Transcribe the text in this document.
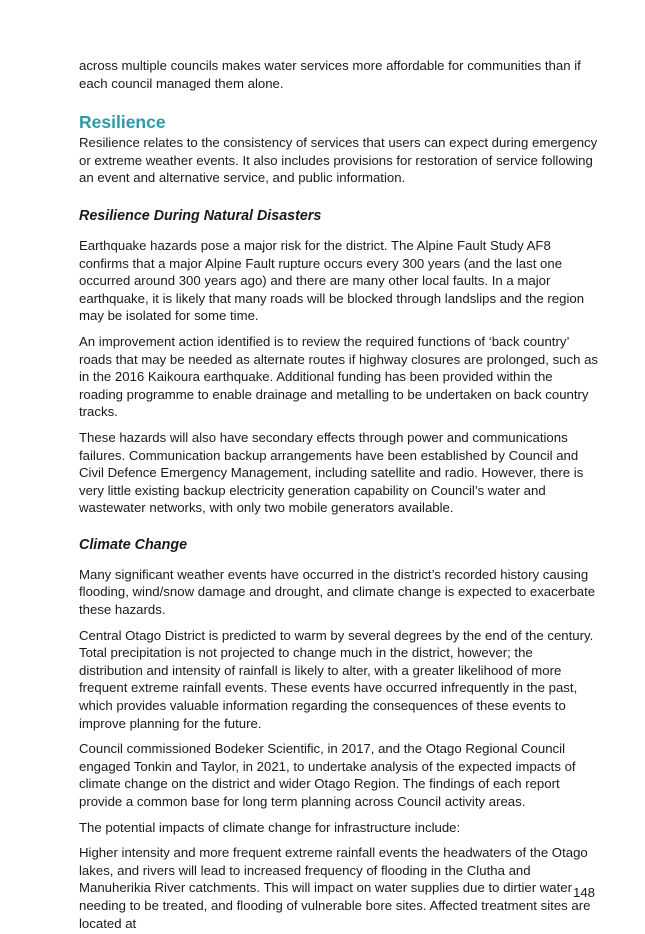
across multiple councils makes water services more affordable for communities than if each council managed them alone.

Resilience

Resilience relates to the consistency of services that users can expect during emergency or extreme weather events. It also includes provisions for restoration of service following an event and alternative service, and public information.

Resilience During Natural Disasters

Earthquake hazards pose a major risk for the district. The Alpine Fault Study AF8 confirms that a major Alpine Fault rupture occurs every 300 years (and the last one occurred around 300 years ago) and there are many other local faults. In a major earthquake, it is likely that many roads will be blocked through landslips and the region may be isolated for some time.

An improvement action identified is to review the required functions of ‘back country’ roads that may be needed as alternate routes if highway closures are prolonged, such as in the 2016 Kaikoura earthquake. Additional funding has been provided within the roading programme to enable drainage and metalling to be undertaken on back country tracks.

These hazards will also have secondary effects through power and communications failures. Communication backup arrangements have been established by Council and Civil Defence Emergency Management, including satellite and radio. However, there is very little existing backup electricity generation capability on Council’s water and wastewater networks, with only two mobile generators available.

Climate Change

Many significant weather events have occurred in the district’s recorded history causing flooding, wind/snow damage and drought, and climate change is expected to exacerbate these hazards.

Central Otago District is predicted to warm by several degrees by the end of the century. Total precipitation is not projected to change much in the district, however; the distribution and intensity of rainfall is likely to alter, with a greater likelihood of more frequent extreme rainfall events. These events have occurred infrequently in the past, which provides valuable information regarding the consequences of these events to improve planning for the future.

Council commissioned Bodeker Scientific, in 2017, and the Otago Regional Council engaged Tonkin and Taylor, in 2021, to undertake analysis of the expected impacts of climate change on the district and wider Otago Region. The findings of each report provide a common base for long term planning across Council activity areas.

The potential impacts of climate change for infrastructure include:

Higher intensity and more frequent extreme rainfall events the headwaters of the Otago lakes, and rivers will lead to increased frequency of flooding in the Clutha and Manuherikia River catchments. This will impact on water supplies due to dirtier water needing to be treated, and flooding of vulnerable bore sites. Affected treatment sites are located at

148
